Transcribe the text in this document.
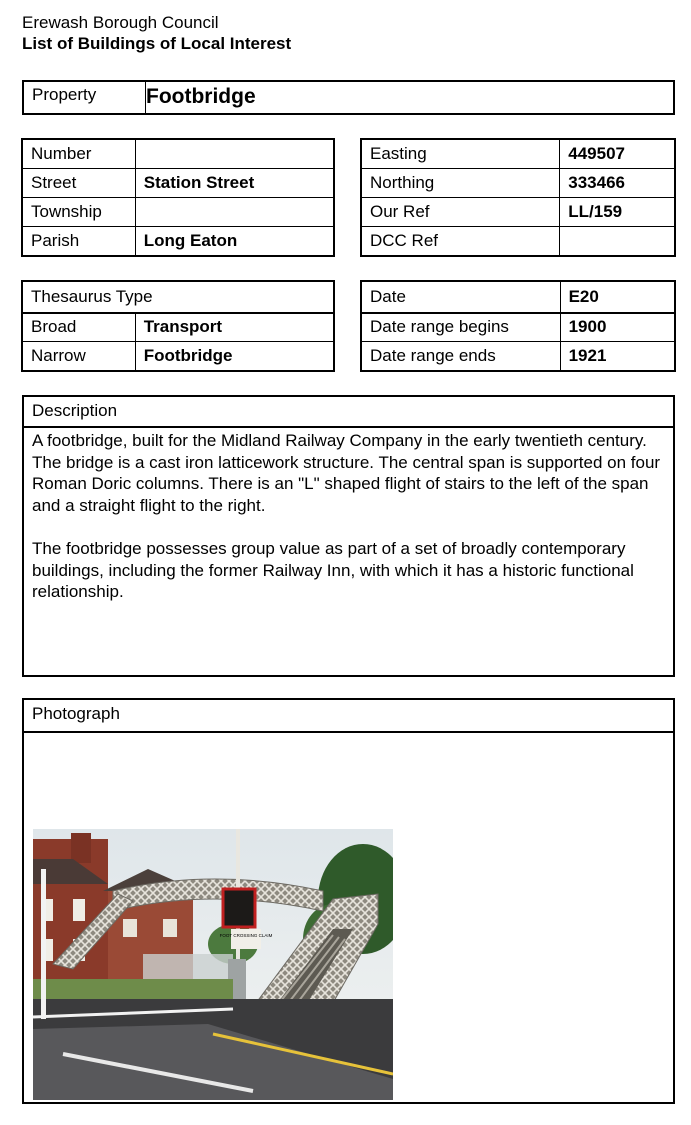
Erewash Borough Council
List of Buildings of Local Interest
Property	Footbridge
Number	
Street	Station Street
Township	
Parish	Long Eaton
Easting	449507
Northing	333466
Our Ref	LL/159
DCC Ref	
Thesaurus Type	
Broad	Transport
Narrow	Footbridge
Date	E20
Date range begins	1900
Date range ends	1921
Description

A footbridge, built for the Midland Railway Company in the early twentieth century. The bridge is a cast iron latticework structure. The central span is supported on four Roman Doric columns. There is an "L" shaped flight of stairs to the left of the span and a straight flight to the right.

The footbridge possesses group value as part of a set of broadly contemporary buildings, including the former Railway Inn, with which it has a historic functional relationship.

Photograph
FOOT CROSSING CLAIM
